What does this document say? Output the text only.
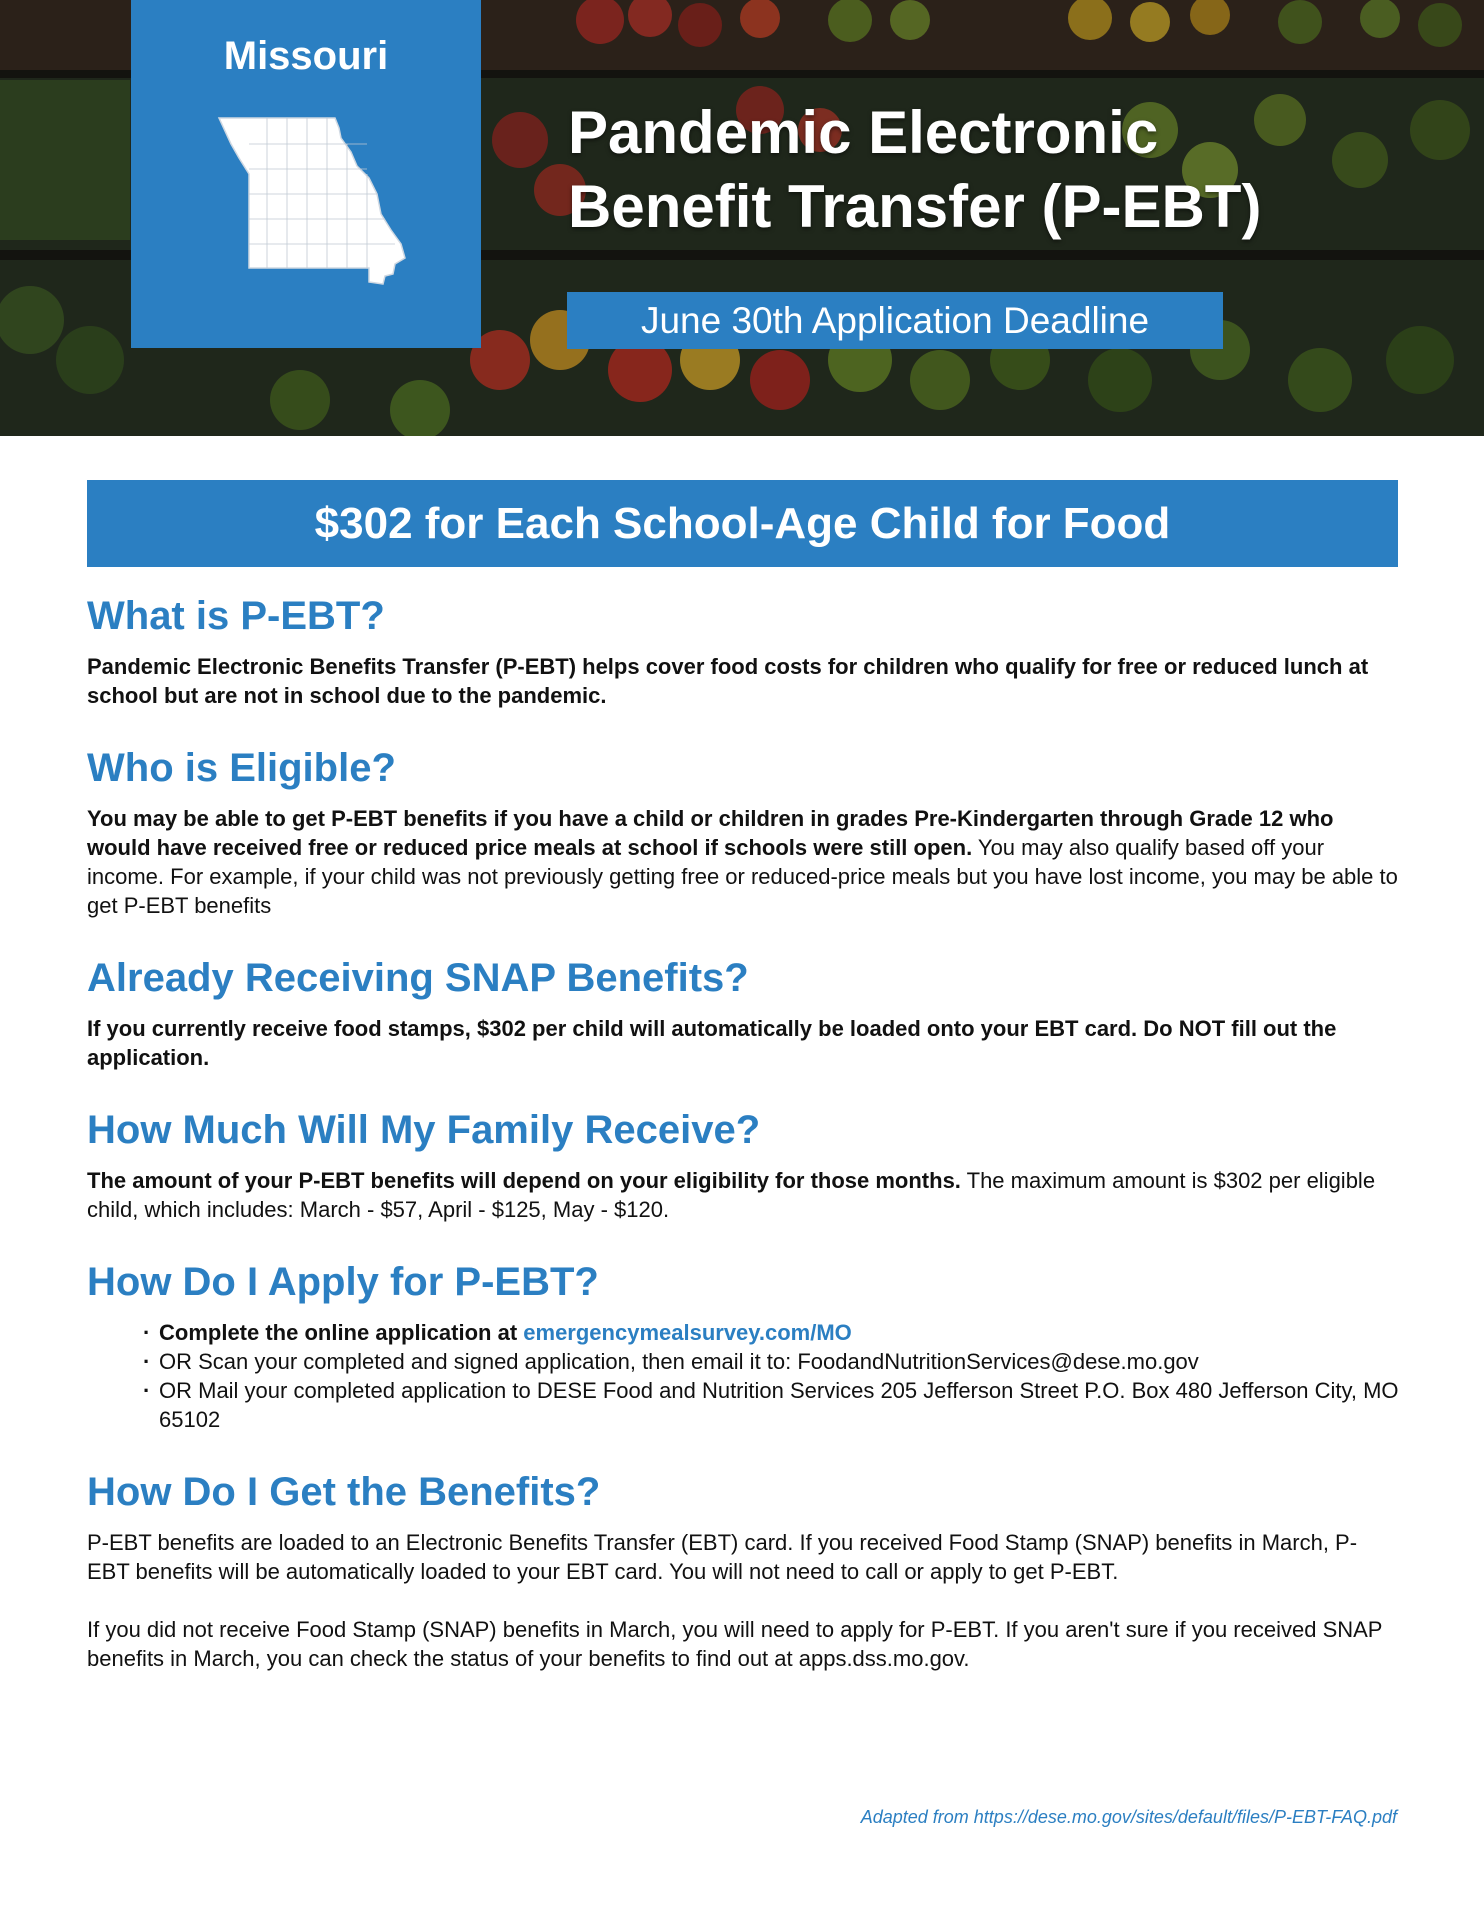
Missouri
Pandemic Electronic
Benefit Transfer (P-EBT)
June 30th Application Deadline
$302 for Each School-Age Child for Food
What is P-EBT?

Pandemic Electronic Benefits Transfer (P-EBT) helps cover food costs for children who qualify for free or reduced lunch at school but are not in school due to the pandemic.

Who is Eligible?

You may be able to get P-EBT benefits if you have a child or children in grades Pre-Kindergarten through Grade 12 who would have received free or reduced price meals at school if schools were still open. You may also qualify based off your income. For example, if your child was not previously getting free or reduced-price meals but you have lost income, you may be able to get P-EBT benefits

Already Receiving SNAP Benefits?

If you currently receive food stamps, $302 per child will automatically be loaded onto your EBT card. Do NOT fill out the application.

How Much Will My Family Receive?

The amount of your P-EBT benefits will depend on your eligibility for those months. The maximum amount is $302 per eligible child, which includes: March - $57, April - $125, May - $120.

How Do I Apply for P-EBT?
· Complete the online application at emergencymealsurvey.com/MO
· OR Scan your completed and signed application, then email it to: FoodandNutritionServices@dese.mo.gov
· OR Mail your completed application to DESE Food and Nutrition Services 205 Jefferson Street P.O. Box 480 Jefferson City, MO 65102
How Do I Get the Benefits?

P-EBT benefits are loaded to an Electronic Benefits Transfer (EBT) card. If you received Food Stamp (SNAP) benefits in March, P-EBT benefits will be automatically loaded to your EBT card. You will not need to call or apply to get P-EBT.

If you did not receive Food Stamp (SNAP) benefits in March, you will need to apply for P-EBT. If you aren't sure if you received SNAP benefits in March, you can check the status of your benefits to find out at apps.dss.mo.gov.

Adapted from https://dese.mo.gov/sites/default/files/P-EBT-FAQ.pdf
